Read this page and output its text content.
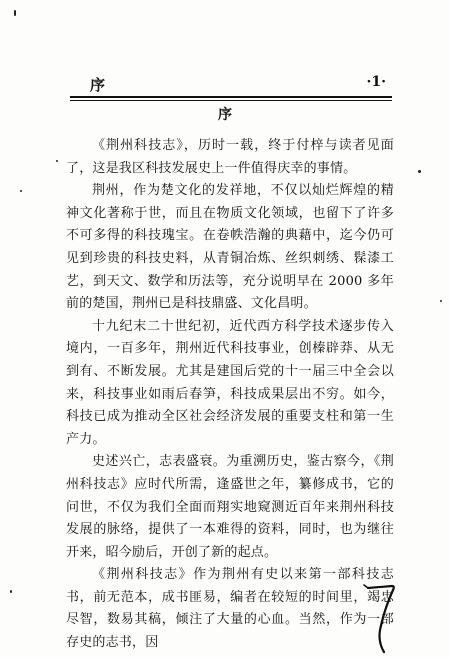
序	·1·
序

《荆州科技志》，历时一载，终于付梓与读者见面了，这是我区科技发展史上一件值得庆幸的事情。

荆州，作为楚文化的发祥地，不仅以灿烂辉煌的精神文化著称于世，而且在物质文化领域，也留下了许多不可多得的科技瑰宝。在卷帙浩瀚的典藉中，迄今仍可见到珍贵的科技史料，从青铜冶炼、丝织刺绣、髹漆工艺，到天文、数学和历法等，充分说明早在 2000 多年前的楚国，荆州已是科技鼎盛、文化昌明。

十九纪末二十世纪初，近代西方科学技术逐步传入境内，一百多年，荆州近代科技事业，创榛辟莽、从无到有、不断发展。尤其是建国后党的十一届三中全会以来，科技事业如雨后春笋，科技成果层出不穷。如今，科技已成为推动全区社会经济发展的重要支柱和第一生产力。

史述兴亡，志表盛衰。为重溯历史，鉴古察今，《荆州科技志》应时代所需，逢盛世之年，纂修成书，它的问世，不仅为我们全面而翔实地窥测近百年来荆州科技发展的脉络，提供了一本难得的资料，同时，也为继往开来，昭今励后，开创了新的起点。

《荆州科技志》作为荆州有史以来第一部科技志书，前无范本，成书匪易，编者在较短的时间里，竭忠尽智，数易其稿，倾注了大量的心血。当然，作为一部存史的志书，因
